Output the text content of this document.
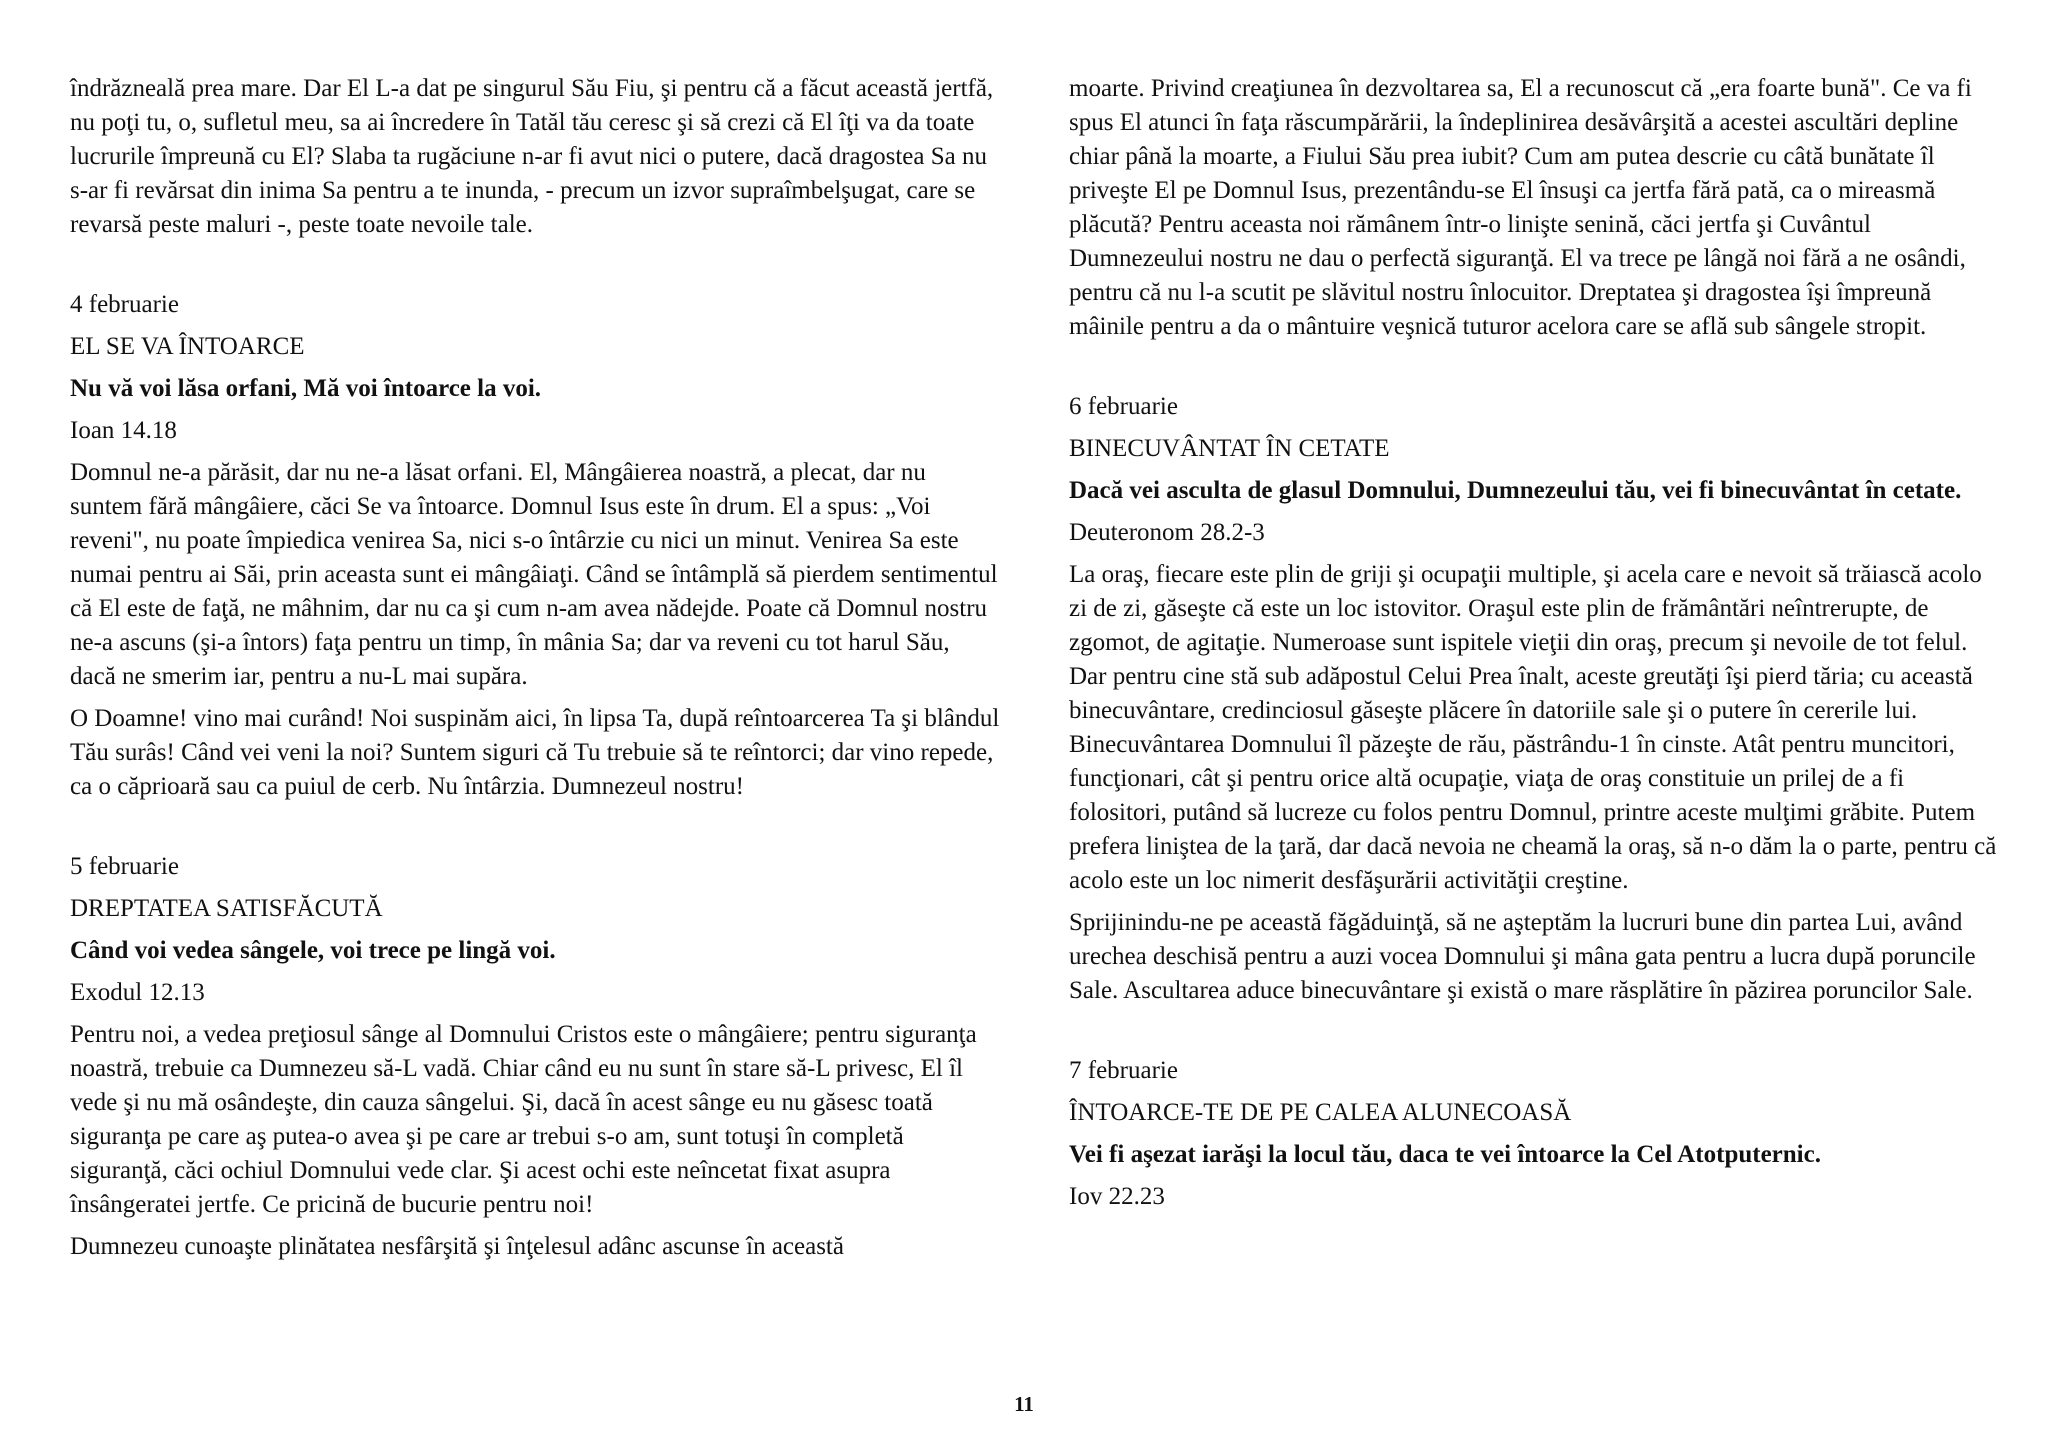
îndrăzneală prea mare. Dar El L-a dat pe singurul Său Fiu, şi pentru că a făcut această jertfă, nu poţi tu, o, sufletul meu, sa ai încredere în Tatăl tău ceresc şi să crezi că El îţi va da toate lucrurile împreună cu El? Slaba ta rugăciune n-ar fi avut nici o putere, dacă dragostea Sa nu s-ar fi revărsat din inima Sa pentru a te inunda, - precum un izvor supraîmbelşugat, care se revarsă peste maluri -, peste toate nevoile tale.

4 februarie
EL SE VA ÎNTOARCE
Nu vă voi lăsa orfani, Mă voi întoarce la voi.
Ioan 14.18

Domnul ne-a părăsit, dar nu ne-a lăsat orfani. El, Mângâierea noastră, a plecat, dar nu suntem fără mângâiere, căci Se va întoarce. Domnul Isus este în drum. El a spus: „Voi reveni", nu poate împiedica venirea Sa, nici s-o întârzie cu nici un minut. Venirea Sa este numai pentru ai Săi, prin aceasta sunt ei mângâiaţi. Când se întâmplă să pierdem sentimentul că El este de faţă, ne mâhnim, dar nu ca şi cum n-am avea nădejde. Poate că Domnul nostru ne-a ascuns (şi-a întors) faţa pentru un timp, în mânia Sa; dar va reveni cu tot harul Său, dacă ne smerim iar, pentru a nu-L mai supăra.

O Doamne! vino mai curând! Noi suspinăm aici, în lipsa Ta, după reîntoarcerea Ta şi blândul Tău surâs! Când vei veni la noi? Suntem siguri că Tu trebuie să te reîntorci; dar vino repede, ca o căprioară sau ca puiul de cerb. Nu întârzia. Dumnezeul nostru!

5 februarie
DREPTATEA SATISFĂCUTĂ
Când voi vedea sângele, voi trece pe lingă voi.
Exodul 12.13

Pentru noi, a vedea preţiosul sânge al Domnului Cristos este o mângâiere; pentru siguranţa noastră, trebuie ca Dumnezeu să-L vadă. Chiar când eu nu sunt în stare să-L privesc, El îl vede şi nu mă osândeşte, din cauza sângelui. Şi, dacă în acest sânge eu nu găsesc toată siguranţa pe care aş putea-o avea şi pe care ar trebui s-o am, sunt totuşi în completă siguranţă, căci ochiul Domnului vede clar. Şi acest ochi este neîncetat fixat asupra însângeratei jertfe. Ce pricină de bucurie pentru noi!

Dumnezeu cunoaşte plinătatea nesfârşită şi înţelesul adânc ascunse în această

moarte. Privind creaţiunea în dezvoltarea sa, El a recunoscut că „era foarte bună". Ce va fi spus El atunci în faţa răscumpărării, la îndeplinirea desăvârşită a acestei ascultări depline chiar până la moarte, a Fiului Său prea iubit? Cum am putea descrie cu câtă bunătate îl priveşte El pe Domnul Isus, prezentându-se El însuşi ca jertfa fără pată, ca o mireasmă plăcută? Pentru aceasta noi rămânem într-o linişte senină, căci jertfa şi Cuvântul Dumnezeului nostru ne dau o perfectă siguranţă. El va trece pe lângă noi fără a ne osândi, pentru că nu l-a scutit pe slăvitul nostru înlocuitor. Dreptatea şi dragostea îşi împreună mâinile pentru a da o mântuire veşnică tuturor acelora care se află sub sângele stropit.

6 februarie
BINECUVÂNTAT ÎN CETATE
Dacă vei asculta de glasul Domnului, Dumnezeului tău, vei fi binecuvântat în cetate.
Deuteronom 28.2-3

La oraş, fiecare este plin de griji şi ocupaţii multiple, şi acela care e nevoit să trăiască acolo zi de zi, găseşte că este un loc istovitor. Oraşul este plin de frământări neîntrerupte, de zgomot, de agitaţie. Numeroase sunt ispitele vieţii din oraş, precum şi nevoile de tot felul. Dar pentru cine stă sub adăpostul Celui Prea înalt, aceste greutăţi îşi pierd tăria; cu această binecuvântare, credinciosul găseşte plăcere în datoriile sale şi o putere în cererile lui. Binecuvântarea Domnului îl păzeşte de rău, păstrându-1 în cinste. Atât pentru muncitori, funcţionari, cât şi pentru orice altă ocupaţie, viaţa de oraş constituie un prilej de a fi folositori, putând să lucreze cu folos pentru Domnul, printre aceste mulţimi grăbite. Putem prefera liniştea de la ţară, dar dacă nevoia ne cheamă la oraş, să n-o dăm la o parte, pentru că acolo este un loc nimerit desfăşurării activităţii creştine.

Sprijinindu-ne pe această făgăduinţă, să ne aşteptăm la lucruri bune din partea Lui, având urechea deschisă pentru a auzi vocea Domnului şi mâna gata pentru a lucra după poruncile Sale. Ascultarea aduce binecuvântare şi există o mare răsplătire în păzirea poruncilor Sale.

7 februarie
ÎNTOARCE-TE DE PE CALEA ALUNECOASĂ
Vei fi aşezat iarăşi la locul tău, daca te vei întoarce la Cel Atotputernic.
Iov 22.23
11
